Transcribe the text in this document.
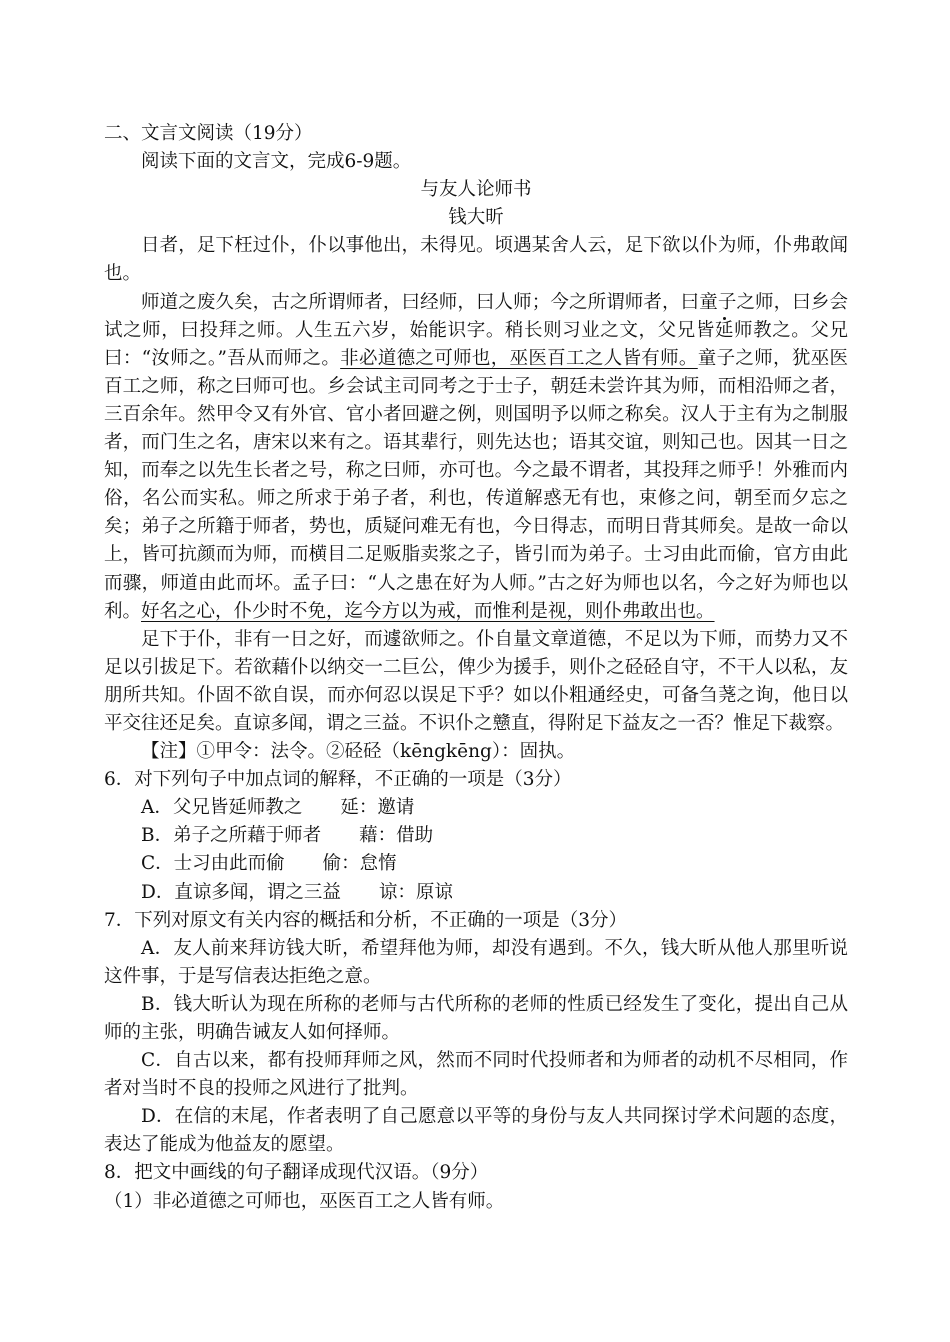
二、文言文阅读（19分）
阅读下面的文言文，完成6-9题。
与友人论师书
钱大昕

日者，足下枉过仆，仆以事他出，未得见。顷遇某舍人云，足下欲以仆为师，仆弗敢闻也。

师道之废久矣，古之所谓师者，曰经师，曰人师；今之所谓师者，曰童子之师，曰乡会试之师，曰投拜之师。人生五六岁，始能识字。稍长则习业之文，父兄皆延师教之。父兄曰：“汝师之。”吾从而师之。非必道德之可师也，巫医百工之人皆有师。童子之师，犹巫医百工之师，称之曰师可也。乡会试主司同考之于士子，朝廷未尝许其为师，而相沿师之者，三百余年。然甲令又有外官、官小者回避之例，则国明予以师之称矣。汉人于主有为之制服者，而门生之名，唐宋以来有之。语其辈行，则先达也；语其交谊，则知己也。因其一日之知，而奉之以先生长者之号，称之曰师，亦可也。今之最不谓者，其投拜之师乎！外雅而内俗，名公而实私。师之所求于弟子者，利也，传道解惑无有也，束修之问，朝至而夕忘之矣；弟子之所籍于师者，势也，质疑问难无有也，今日得志，而明日背其师矣。是故一命以上，皆可抗颜而为师，而横目二足贩脂卖浆之子，皆引而为弟子。士习由此而偷，官方由此而骤，师道由此而坏。孟子曰：“人之患在好为人师。”古之好为师也以名，今之好为师也以利。好名之心，仆少时不免，迄今方以为戒，而惟利是视，则仆弗敢出也。

足下于仆，非有一日之好，而遽欲师之。仆自量文章道德，不足以为下师，而势力又不足以引拔足下。若欲藉仆以纳交一二巨公，俾少为援手，则仆之硁硁自守，不干人以私，友朋所共知。仆固不欲自误，而亦何忍以误足下乎？如以仆粗通经史，可备刍荛之询，他日以平交往还足矣。直谅多闻，谓之三益。不识仆之戆直，得附足下益友之一否？惟足下裁察。

【注】①甲令：法令。②硁硁（kēngkēng）：固执。
6．对下列句子中加点词的解释，不正确的一项是（3分）
A．父兄皆延师教之 延：邀请
B．弟子之所藉于师者 藉：借助
C．士习由此而偷 偷：怠惰
D．直谅多闻，谓之三益 谅：原谅
7．下列对原文有关内容的概括和分析，不正确的一项是（3分）

A．友人前来拜访钱大昕，希望拜他为师，却没有遇到。不久，钱大昕从他人那里听说这件事，于是写信表达拒绝之意。

B．钱大昕认为现在所称的老师与古代所称的老师的性质已经发生了变化，提出自己从师的主张，明确告诫友人如何择师。

C．自古以来，都有投师拜师之风，然而不同时代投师者和为师者的动机不尽相同，作者对当时不良的投师之风进行了批判。

D．在信的末尾，作者表明了自己愿意以平等的身份与友人共同探讨学术问题的态度，表达了能成为他益友的愿望。

8．把文中画线的句子翻译成现代汉语。（9分）
（1）非必道德之可师也，巫医百工之人皆有师。
